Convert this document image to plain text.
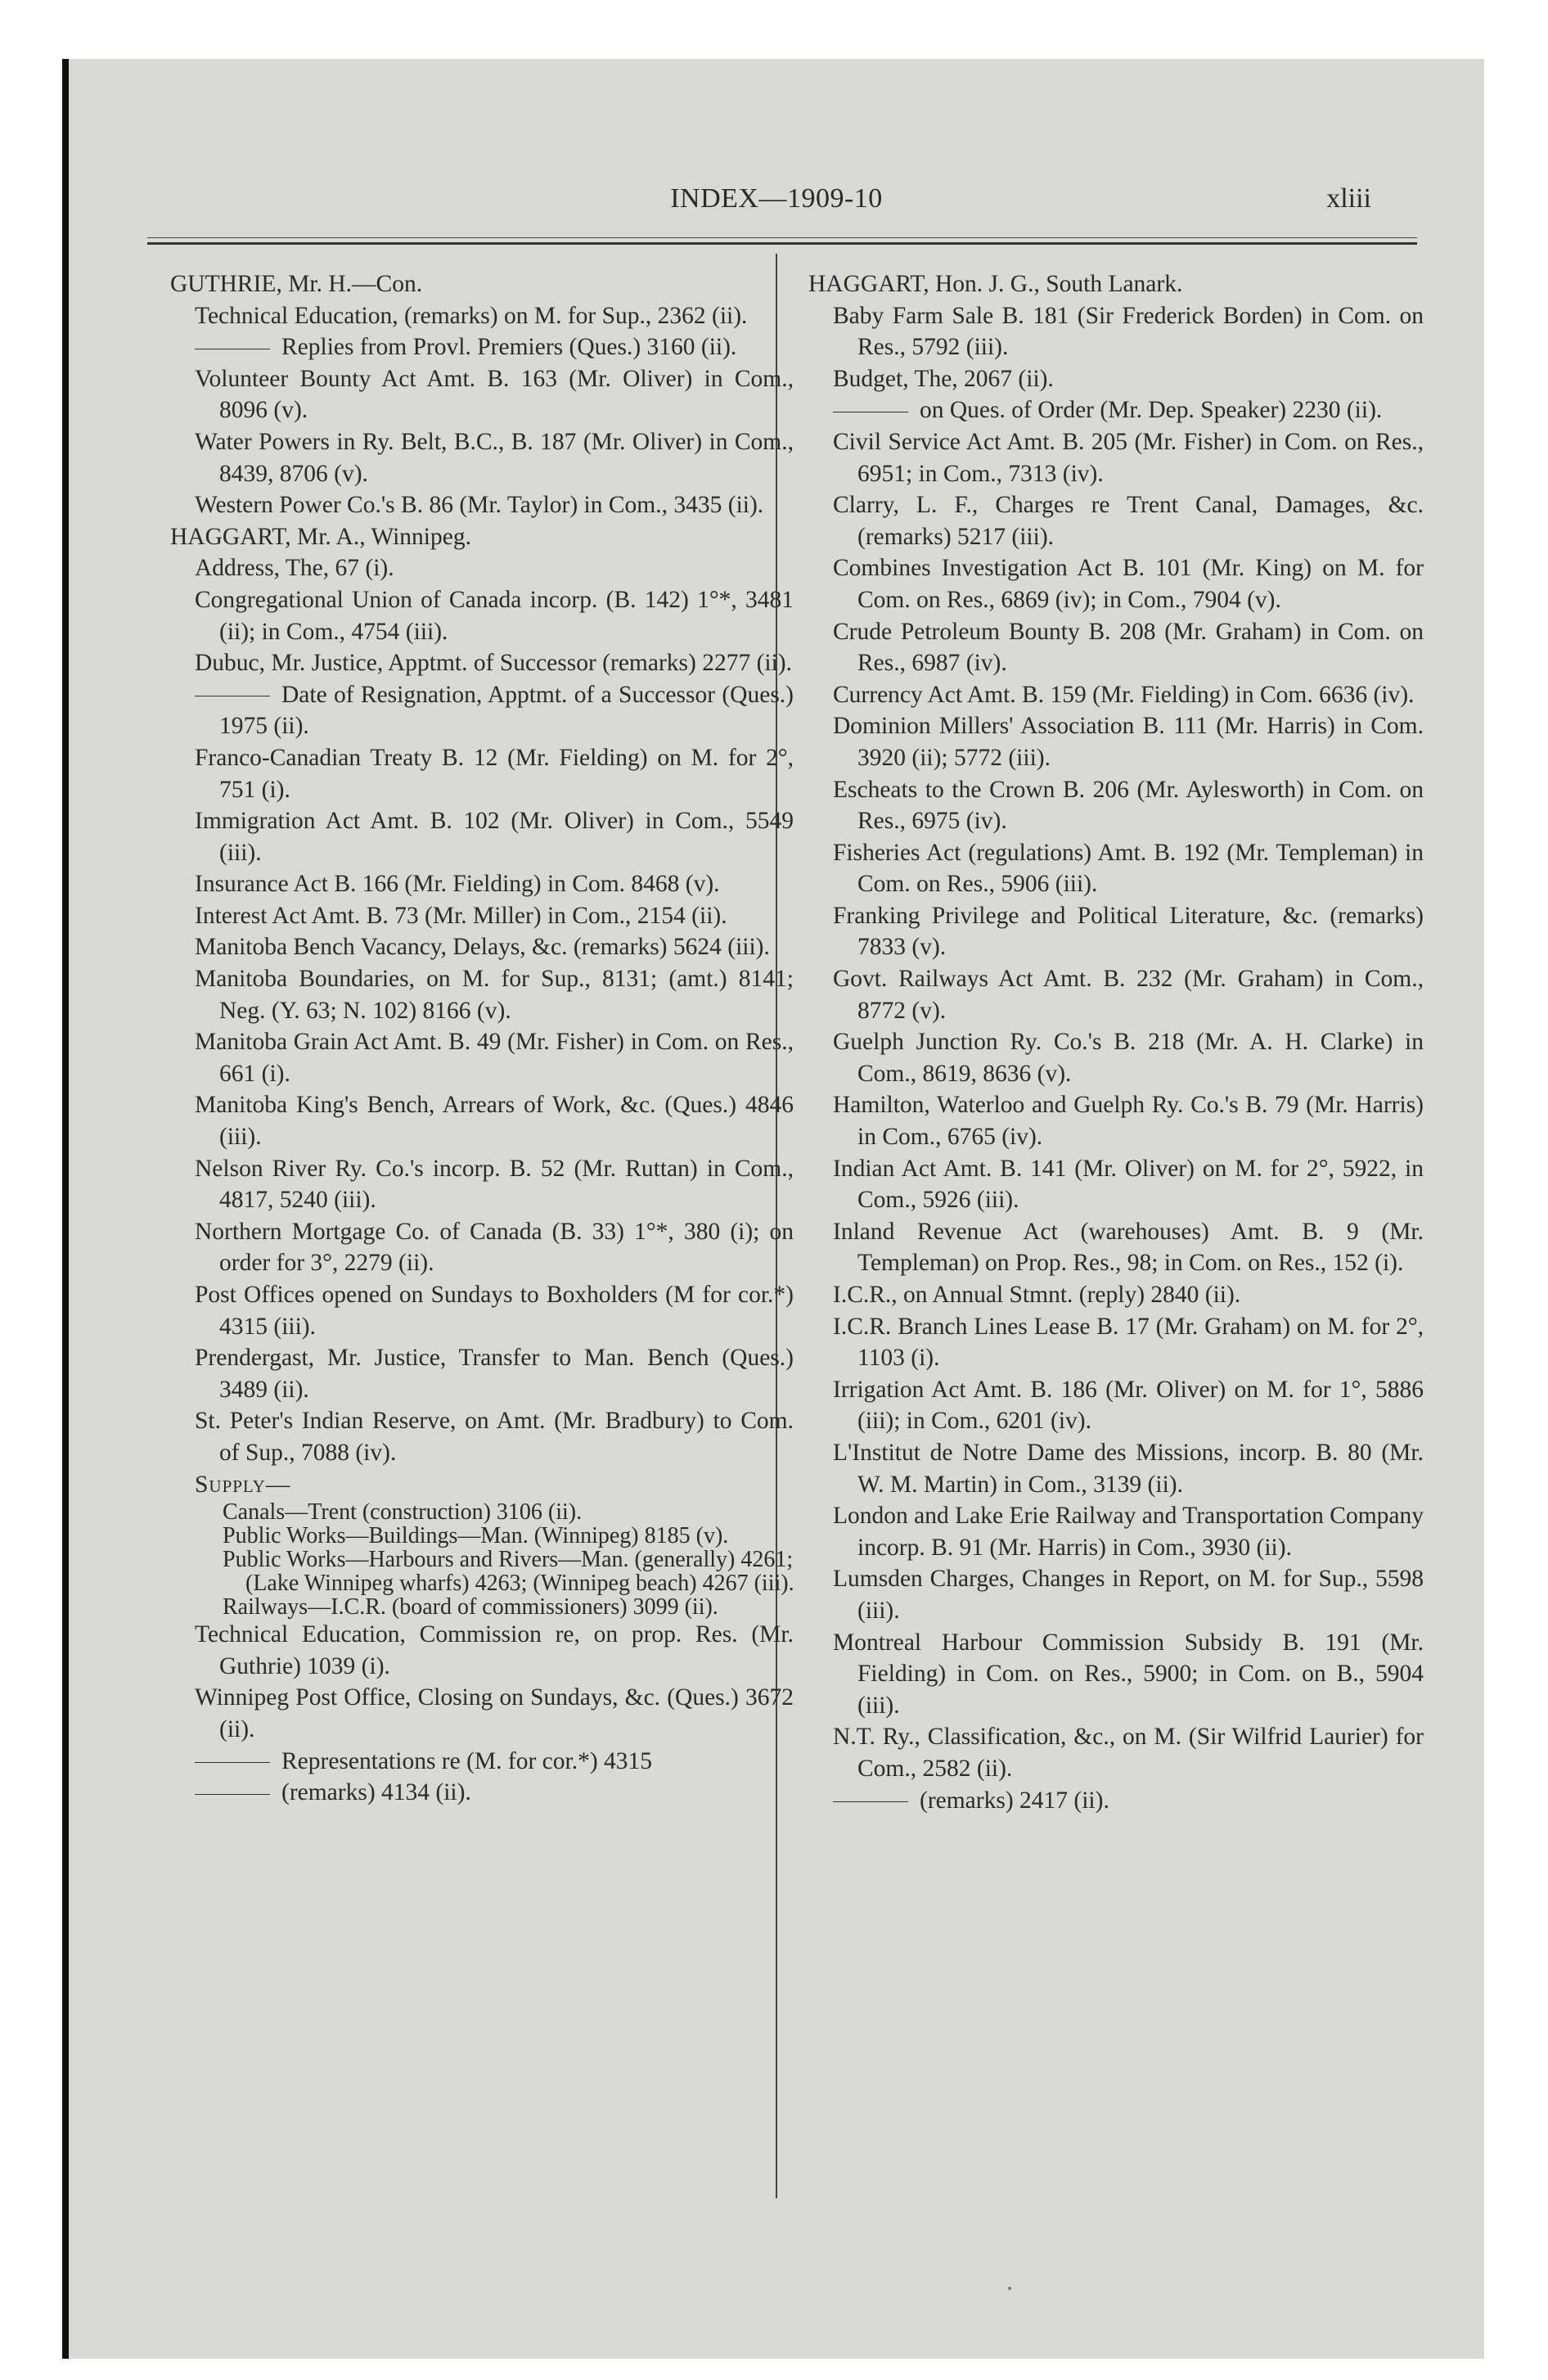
INDEX—1909-10	xliii

GUTHRIE, Mr. H.—Con.

Technical Education, (remarks) on M. for Sup., 2362 (ii).

Replies from Provl. Premiers (Ques.) 3160 (ii).

Volunteer Bounty Act Amt. B. 163 (Mr. Oliver) in Com., 8096 (v).

Water Powers in Ry. Belt, B.C., B. 187 (Mr. Oliver) in Com., 8439, 8706 (v).

Western Power Co.'s B. 86 (Mr. Taylor) in Com., 3435 (ii).

HAGGART, Mr. A., Winnipeg.

Address, The, 67 (i).

Congregational Union of Canada incorp. (B. 142) 1°*, 3481 (ii); in Com., 4754 (iii).

Dubuc, Mr. Justice, Apptmt. of Successor (remarks) 2277 (ii).

Date of Resignation, Apptmt. of a Successor (Ques.) 1975 (ii).

Franco-Canadian Treaty B. 12 (Mr. Fielding) on M. for 2°, 751 (i).

Immigration Act Amt. B. 102 (Mr. Oliver) in Com., 5549 (iii).

Insurance Act B. 166 (Mr. Fielding) in Com. 8468 (v).

Interest Act Amt. B. 73 (Mr. Miller) in Com., 2154 (ii).

Manitoba Bench Vacancy, Delays, &c. (remarks) 5624 (iii).

Manitoba Boundaries, on M. for Sup., 8131; (amt.) 8141; Neg. (Y. 63; N. 102) 8166 (v).

Manitoba Grain Act Amt. B. 49 (Mr. Fisher) in Com. on Res., 661 (i).

Manitoba King's Bench, Arrears of Work, &c. (Ques.) 4846 (iii).

Nelson River Ry. Co.'s incorp. B. 52 (Mr. Ruttan) in Com., 4817, 5240 (iii).

Northern Mortgage Co. of Canada (B. 33) 1°*, 380 (i); on order for 3°, 2279 (ii).

Post Offices opened on Sundays to Boxholders (M for cor.*) 4315 (iii).

Prendergast, Mr. Justice, Transfer to Man. Bench (Ques.) 3489 (ii).

St. Peter's Indian Reserve, on Amt. (Mr. Bradbury) to Com. of Sup., 7088 (iv).

Supply—

Canals—Trent (construction) 3106 (ii).

Public Works—Buildings—Man. (Winnipeg) 8185 (v).

Public Works—Harbours and Rivers—Man. (generally) 4261; (Lake Winnipeg wharfs) 4263; (Winnipeg beach) 4267 (iii).

Railways—I.C.R. (board of commissioners) 3099 (ii).

Technical Education, Commission re, on prop. Res. (Mr. Guthrie) 1039 (i).

Winnipeg Post Office, Closing on Sundays, &c. (Ques.) 3672 (ii).

Representations re (M. for cor.*) 4315

(remarks) 4134 (ii).

HAGGART, Hon. J. G., South Lanark.

Baby Farm Sale B. 181 (Sir Frederick Borden) in Com. on Res., 5792 (iii).

Budget, The, 2067 (ii).

on Ques. of Order (Mr. Dep. Speaker) 2230 (ii).

Civil Service Act Amt. B. 205 (Mr. Fisher) in Com. on Res., 6951; in Com., 7313 (iv).

Clarry, L. F., Charges re Trent Canal, Damages, &c. (remarks) 5217 (iii).

Combines Investigation Act B. 101 (Mr. King) on M. for Com. on Res., 6869 (iv); in Com., 7904 (v).

Crude Petroleum Bounty B. 208 (Mr. Graham) in Com. on Res., 6987 (iv).

Currency Act Amt. B. 159 (Mr. Fielding) in Com. 6636 (iv).

Dominion Millers' Association B. 111 (Mr. Harris) in Com. 3920 (ii); 5772 (iii).

Escheats to the Crown B. 206 (Mr. Aylesworth) in Com. on Res., 6975 (iv).

Fisheries Act (regulations) Amt. B. 192 (Mr. Templeman) in Com. on Res., 5906 (iii).

Franking Privilege and Political Literature, &c. (remarks) 7833 (v).

Govt. Railways Act Amt. B. 232 (Mr. Graham) in Com., 8772 (v).

Guelph Junction Ry. Co.'s B. 218 (Mr. A. H. Clarke) in Com., 8619, 8636 (v).

Hamilton, Waterloo and Guelph Ry. Co.'s B. 79 (Mr. Harris) in Com., 6765 (iv).

Indian Act Amt. B. 141 (Mr. Oliver) on M. for 2°, 5922, in Com., 5926 (iii).

Inland Revenue Act (warehouses) Amt. B. 9 (Mr. Templeman) on Prop. Res., 98; in Com. on Res., 152 (i).

I.C.R., on Annual Stmnt. (reply) 2840 (ii).

I.C.R. Branch Lines Lease B. 17 (Mr. Graham) on M. for 2°, 1103 (i).

Irrigation Act Amt. B. 186 (Mr. Oliver) on M. for 1°, 5886 (iii); in Com., 6201 (iv).

L'Institut de Notre Dame des Missions, incorp. B. 80 (Mr. W. M. Martin) in Com., 3139 (ii).

London and Lake Erie Railway and Transportation Company incorp. B. 91 (Mr. Harris) in Com., 3930 (ii).

Lumsden Charges, Changes in Report, on M. for Sup., 5598 (iii).

Montreal Harbour Commission Subsidy B. 191 (Mr. Fielding) in Com. on Res., 5900; in Com. on B., 5904 (iii).

N.T. Ry., Classification, &c., on M. (Sir Wilfrid Laurier) for Com., 2582 (ii).

(remarks) 2417 (ii).
